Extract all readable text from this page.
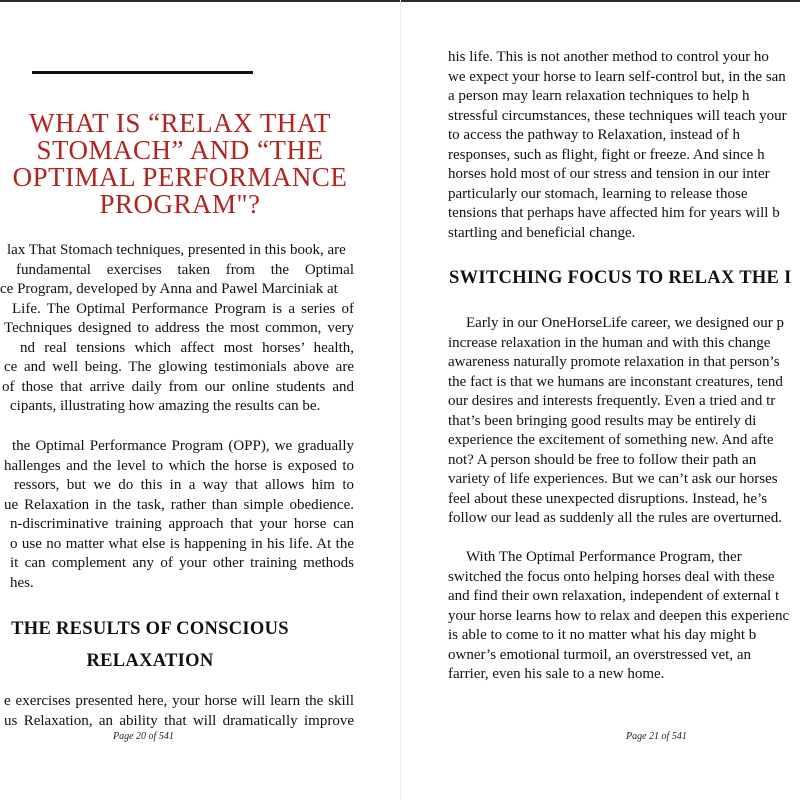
WHAT IS “RELAX THAT
STOMACH” AND “THE
OPTIMAL PERFORMANCE
PROGRAM"?
lax That Stomach techniques, presented in this book, are
fundamental exercises taken from the Optimal
ce Program, developed by Anna and Pawel Marciniak at
Life. The Optimal Performance Program is a series of
Techniques designed to address the most common, very
nd real tensions which affect most horses’ health,
ce and well being. The glowing testimonials above are
of those that arrive daily from our online students and
cipants, illustrating how amazing the results can be.
the Optimal Performance Program (OPP), we gradually
hallenges and the level to which the horse is exposed to
ressors, but we do this in a way that allows him to
ue Relaxation in the task, rather than simple obedience.
n-discriminative training approach that your horse can
o use no matter what else is happening in his life. At the
it can complement any of your other training methods
hes.
THE RESULTS OF CONSCIOUS
RELAXATION
e exercises presented here, your horse will learn the skill
us Relaxation, an ability that will dramatically improve
Page 20 of 541
his life. This is not another method to control your ho
we expect your horse to learn self-control but, in the san
a person may learn relaxation techniques to help h
stressful circumstances, these techniques will teach your
to access the pathway to Relaxation, instead of h
responses, such as flight, fight or freeze. And since h
horses hold most of our stress and tension in our inter
particularly our stomach, learning to release those
tensions that perhaps have affected him for years will b
startling and beneficial change.
SWITCHING FOCUS TO RELAX THE I
Early in our OneHorseLife career, we designed our p
increase relaxation in the human and with this change
awareness naturally promote relaxation in that person’s
the fact is that we humans are inconstant creatures, tend
our desires and interests frequently. Even a tried and tr
that’s been bringing good results may be entirely di
experience the excitement of something new. And afte
not? A person should be free to follow their path an
variety of life experiences. But we can’t ask our horses
feel about these unexpected disruptions. Instead, he’s
follow our lead as suddenly all the rules are overturned.
With The Optimal Performance Program, ther
switched the focus onto helping horses deal with these
and find their own relaxation, independent of external t
your horse learns how to relax and deepen this experienc
is able to come to it no matter what his day might b
owner’s emotional turmoil, an overstressed vet, an
farrier, even his sale to a new home.
Page 21 of 541
